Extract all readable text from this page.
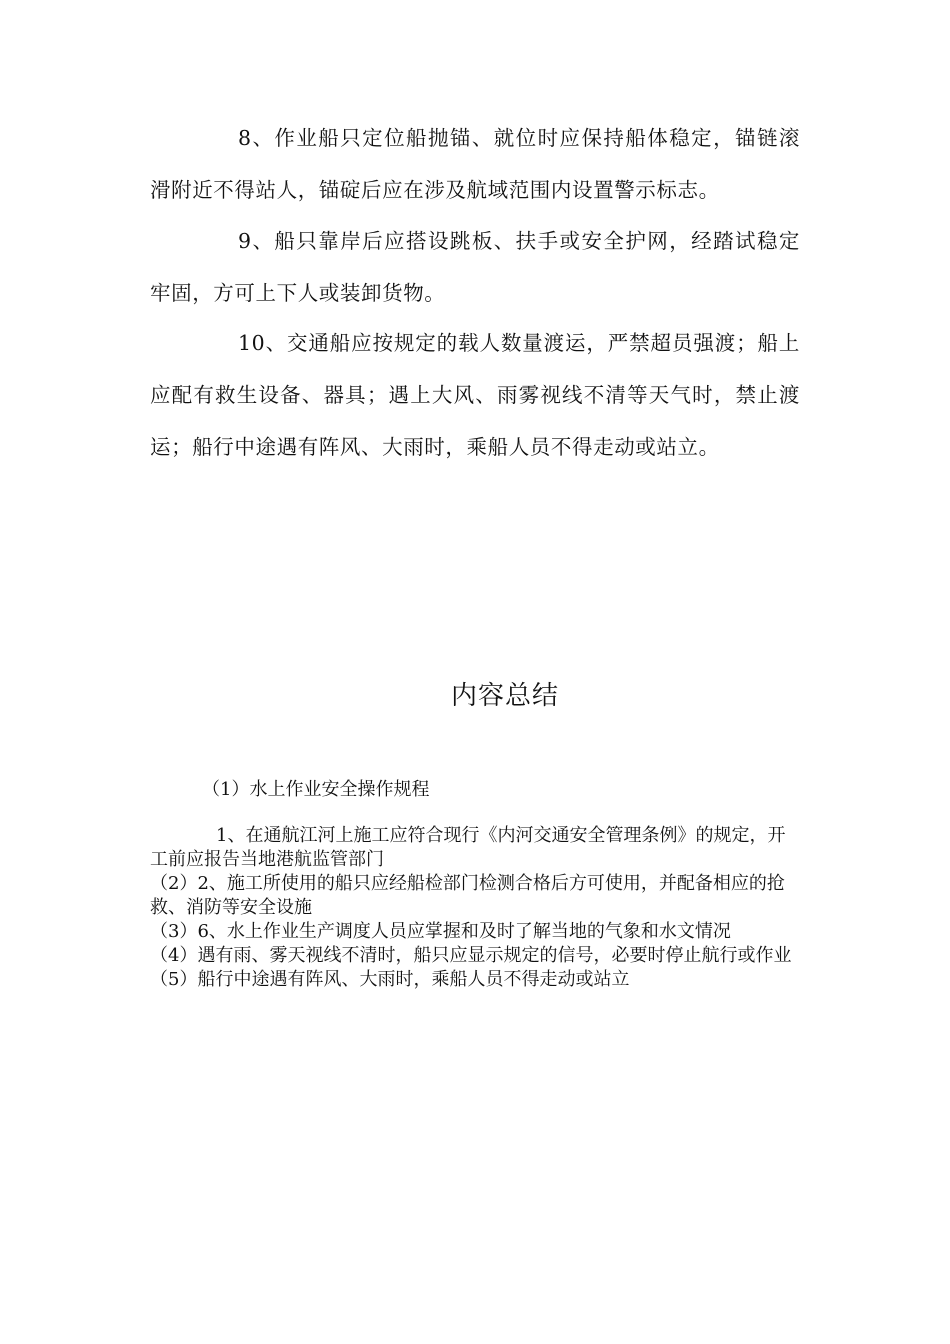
8、作业船只定位船抛锚、就位时应保持船体稳定，锚链滚滑附近不得站人，锚碇后应在涉及航域范围内设置警示标志。

9、船只靠岸后应搭设跳板、扶手或安全护网，经踏试稳定牢固，方可上下人或装卸货物。

10、交通船应按规定的载人数量渡运，严禁超员强渡；船上应配有救生设备、器具；遇上大风、雨雾视线不清等天气时，禁止渡运；船行中途遇有阵风、大雨时，乘船人员不得走动或站立。

内容总结

（1）水上作业安全操作规程

1、在通航江河上施工应符合现行《内河交通安全管理条例》的规定，开工前应报告当地港航监管部门
（2）2、施工所使用的船只应经船检部门检测合格后方可使用，并配备相应的抢救、消防等安全设施
（3）6、水上作业生产调度人员应掌握和及时了解当地的气象和水文情况
（4）遇有雨、雾天视线不清时，船只应显示规定的信号，必要时停止航行或作业
（5）船行中途遇有阵风、大雨时，乘船人员不得走动或站立
